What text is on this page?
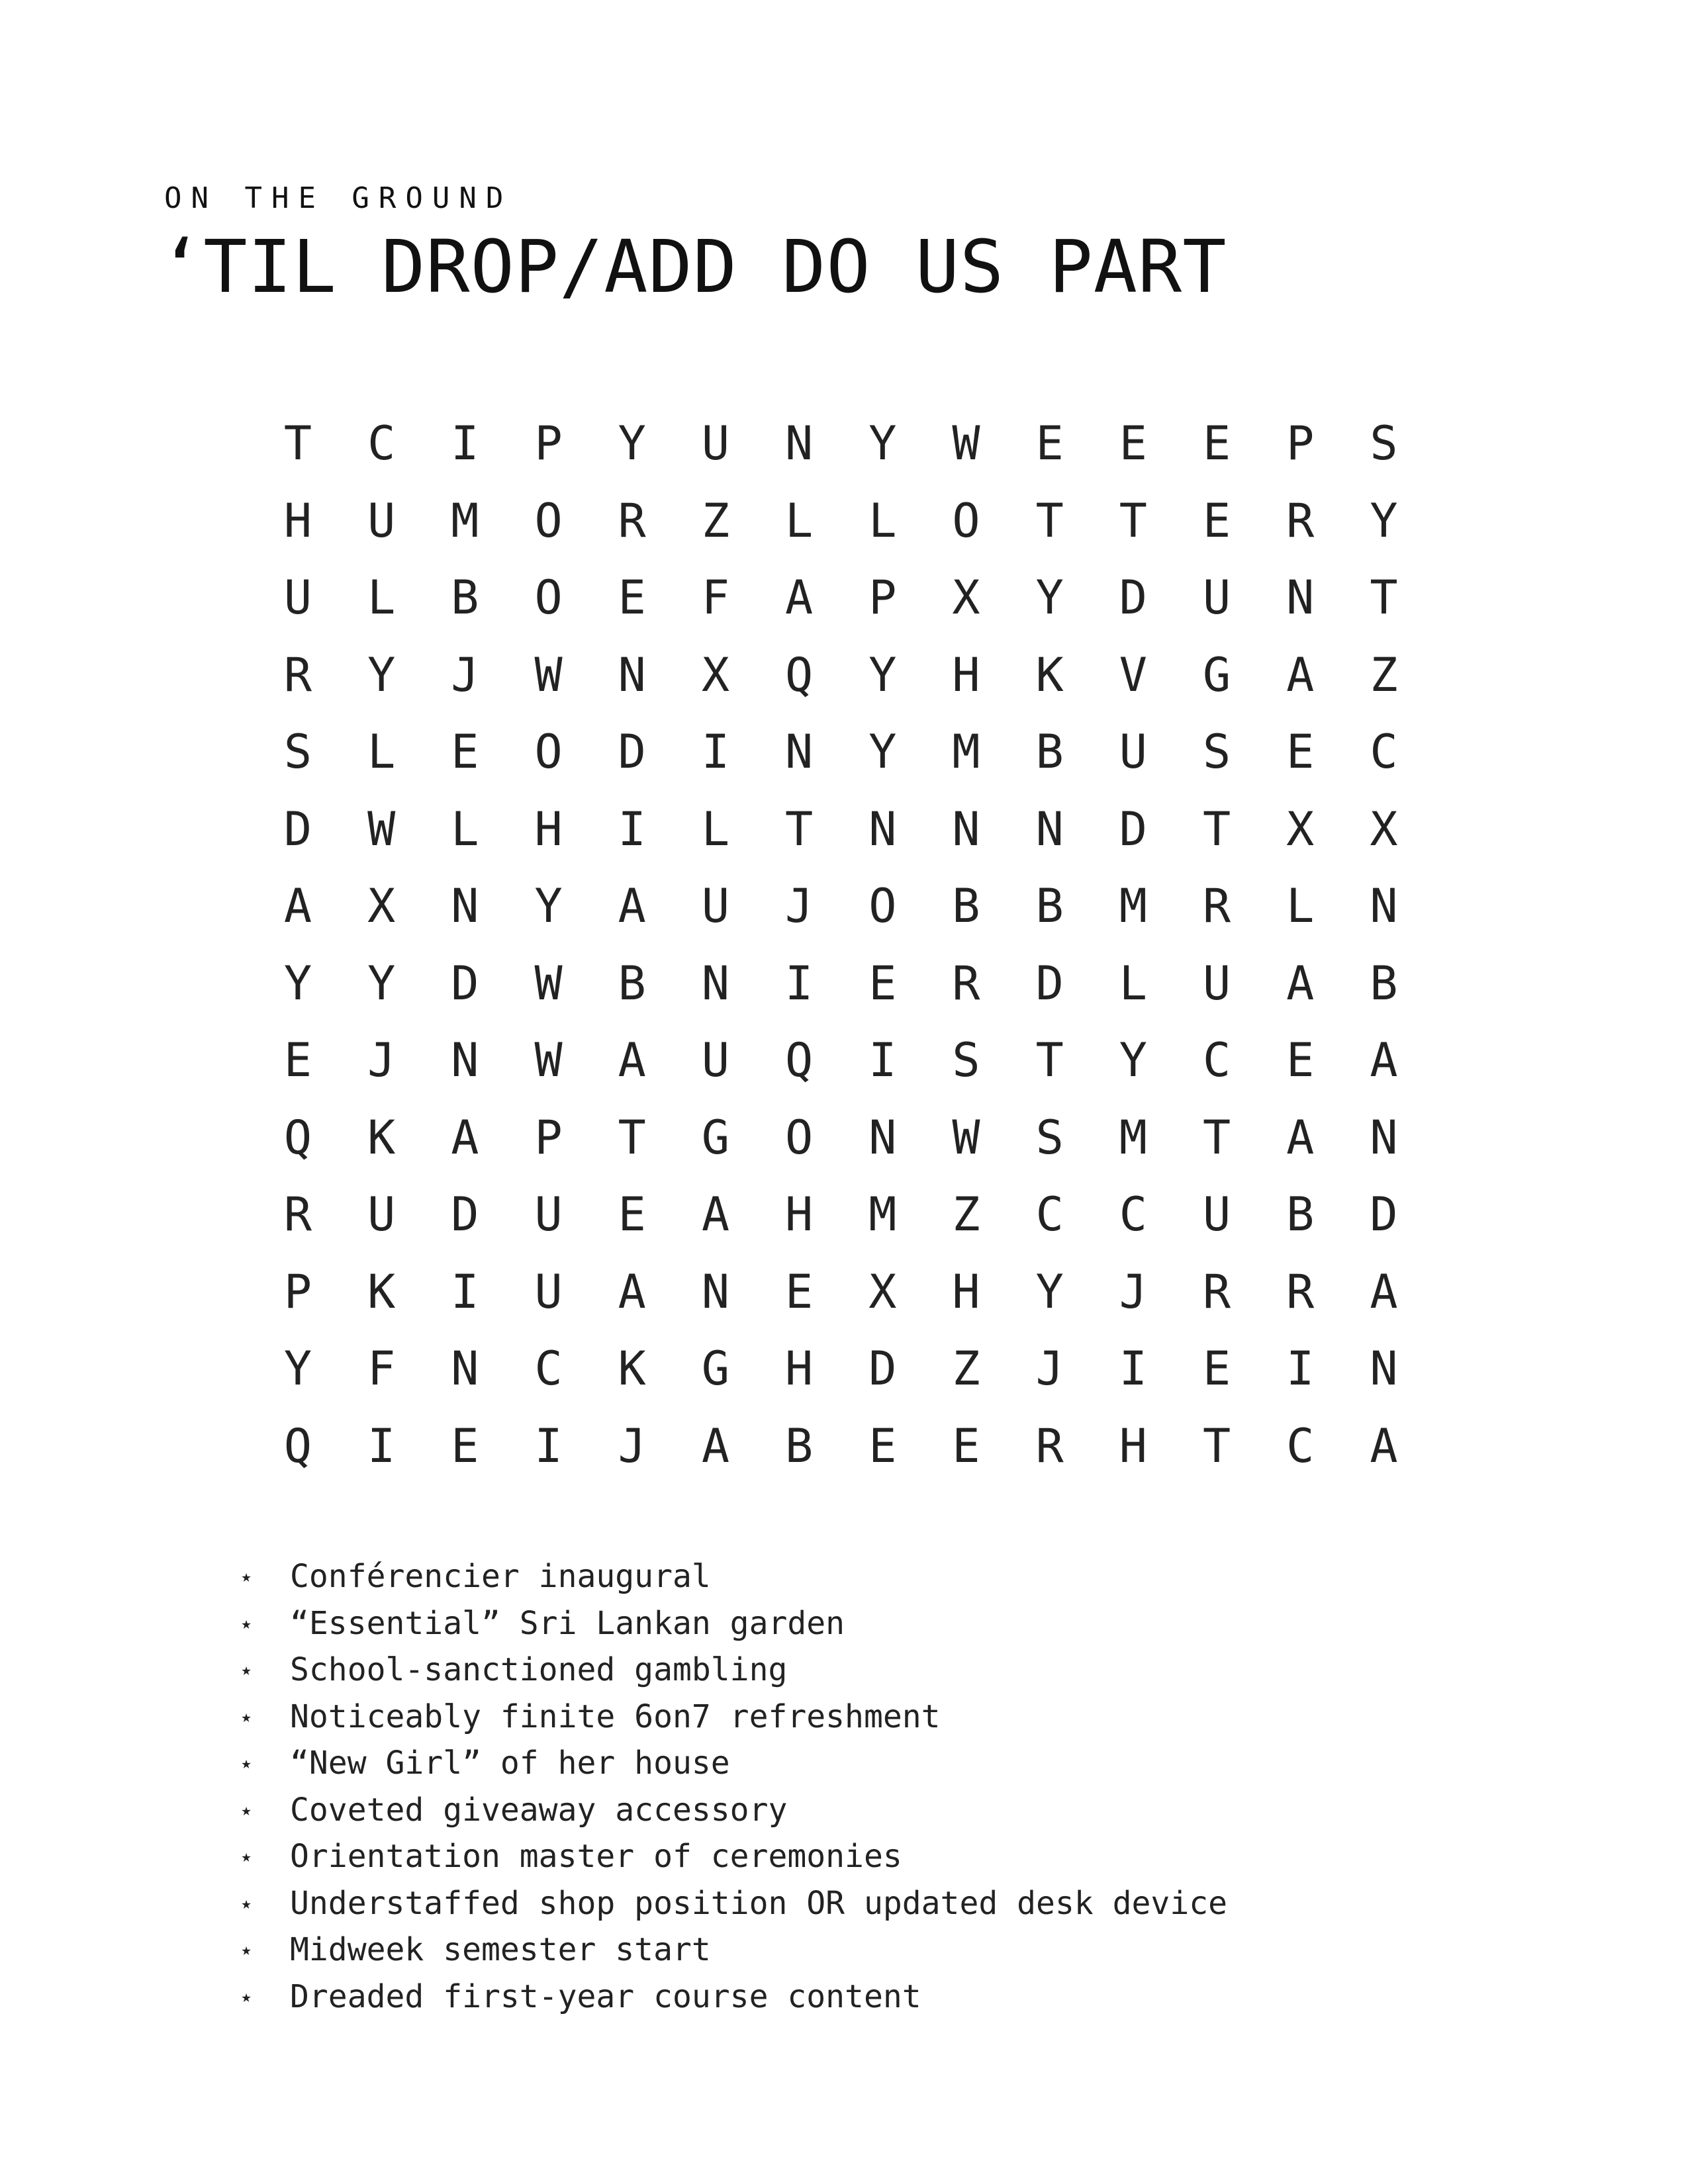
ON THE GROUND
‘TIL DROP/ADD DO US PART
T C I P Y U N Y W E E E P S
H U M O R Z L L O T T E R Y
U L B O E F A P X Y D U N T
R Y J W N X Q Y H K V G A Z
S L E O D I N Y M B U S E C
D W L H I L T N N N D T X X
A X N Y A U J O B B M R L N
Y Y D W B N I E R D L U A B
E J N W A U Q I S T Y C E A
Q K A P T G O N W S M T A N
R U D U E A H M Z C C U B D
P K I U A N E X H Y J R R A
Y F N C K G H D Z J I E I N
Q I E I J A B E E R H T C A
⋆ Conférencier inaugural
⋆ “Essential” Sri Lankan garden
⋆ School-sanctioned gambling
⋆ Noticeably finite 6on7 refreshment
⋆ “New Girl” of her house
⋆ Coveted giveaway accessory
⋆ Orientation master of ceremonies
⋆ Understaffed shop position OR updated desk device
⋆ Midweek semester start
⋆ Dreaded first-year course content
